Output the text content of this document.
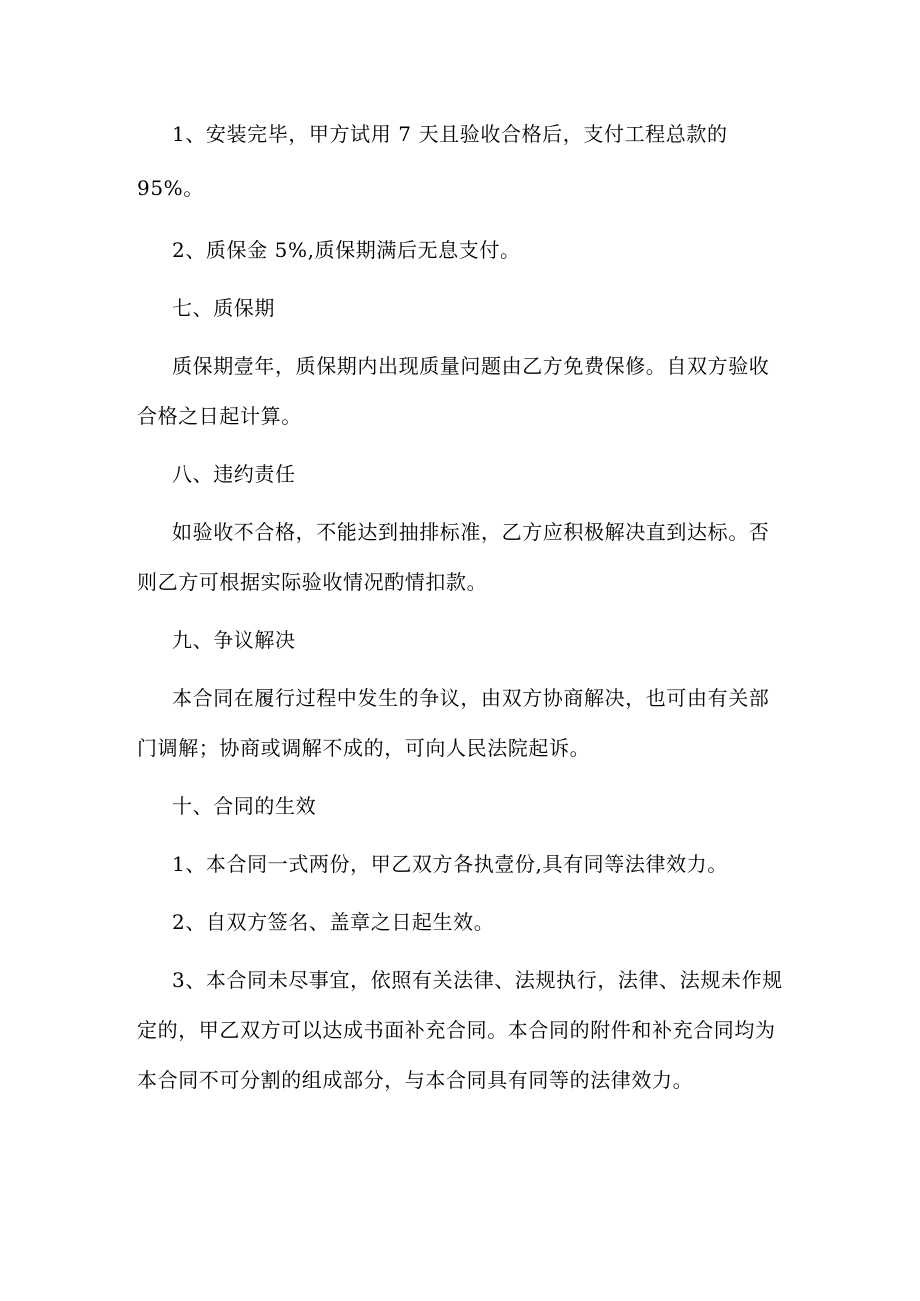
1、安装完毕，甲方试用 7 天且验收合格后，支付工程总款的
95%。
2、质保金 5%,质保期满后无息支付。
七、质保期
质保期壹年，质保期内出现质量问题由乙方免费保修。自双方验收
合格之日起计算。
八、违约责任
如验收不合格，不能达到抽排标准，乙方应积极解决直到达标。否
则乙方可根据实际验收情况酌情扣款。
九、争议解决
本合同在履行过程中发生的争议，由双方协商解决，也可由有关部
门调解；协商或调解不成的，可向人民法院起诉。
十、合同的生效
1、本合同一式两份，甲乙双方各执壹份,具有同等法律效力。
2、自双方签名、盖章之日起生效。
3、本合同未尽事宜，依照有关法律、法规执行，法律、法规未作规
定的，甲乙双方可以达成书面补充合同。本合同的附件和补充合同均为
本合同不可分割的组成部分，与本合同具有同等的法律效力。
